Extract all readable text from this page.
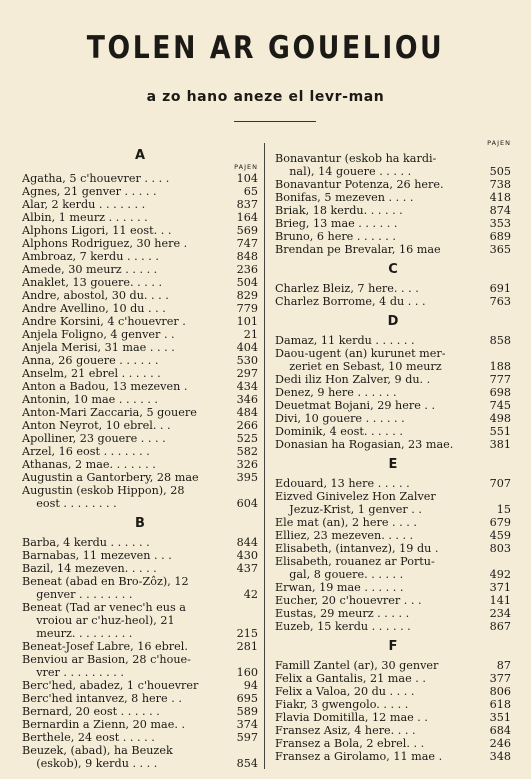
TOLEN AR GOUELIOU
a zo hano aneze el levr-man
PAJEN
A
Agatha, 5 c'houevrer . . . .	104
Agnes, 21 genver . . . . .	65
Alar, 2 kerdu . . . . . . .	837
Albin, 1 meurz . . . . . .	164
Alphons Ligori, 11 eost. . .	569
Alphons Rodriguez, 30 here .	747
Ambroaz, 7 kerdu . . . . .	848
Amede, 30 meurz . . . . .	236
Anaklet, 13 gouere. . . . .	504
Andre, abostol, 30 du. . . .	829
Andre Avellino, 10 du . . .	779
Andre Korsini, 4 c'houevrer .	101
Anjela Foligno, 4 genver . .	21
Anjela Merisi, 31 mae . . . .	404
Anna, 26 gouere . . . . . .	530
Anselm, 21 ebrel . . . . . .	297
Anton a Badou, 13 mezeven .	434
Antonin, 10 mae . . . . . .	346
Anton-Mari Zaccaria, 5 gouere	484
Anton Neyrot, 10 ebrel. . .	266
Apolliner, 23 gouere . . . .	525
Arzel, 16 eost . . . . . . .	582
Athanas, 2 mae. . . . . . .	326
Augustin a Gantorbery, 28 mae	395
Augustin (eskob Hippon), 28
eost . . . . . . . .	604
B
Barba, 4 kerdu . . . . . .	844
Barnabas, 11 mezeven . . .	430
Bazil, 14 mezeven. . . . .	437
Beneat (abad en Bro-Zôz), 12
genver . . . . . . . .	42
Beneat (Tad ar venec'h eus a
vroiou ar c'huz-heol), 21
meurz. . . . . . . . .	215
Beneat-Josef Labre, 16 ebrel.	281
Benviou ar Basion, 28 c'houe-
vrer . . . . . . . . .	160
Berc'hed, abadez, 1 c'houevrer	94
Berc'hed intanvez, 8 here . .	695
Bernard, 20 eost . . . . . .	589
Bernardin a Zienn, 20 mae. .	374
Berthele, 24 eost . . . . .	597
Beuzek, (abad), ha Beuzek
(eskob), 9 kerdu . . . .	854
PAJEN
Bonavantur (eskob ha kardi-
nal), 14 gouere . . . . .	505
Bonavantur Potenza, 26 here.	738
Bonifas, 5 mezeven . . . .	418
Briak, 18 kerdu. . . . . .	874
Brieg, 13 mae . . . . . .	353
Bruno, 6 here . . . . . .	689
Brendan pe Brevalar, 16 mae	365
C
Charlez Bleiz, 7 here. . . .	691
Charlez Borrome, 4 du . . .	763
D
Damaz, 11 kerdu . . . . . .	858
Daou-ugent (an) kurunet mer-
zeriet en Sebast, 10 meurz	188
Dedi iliz Hon Zalver, 9 du. .	777
Denez, 9 here . . . . . .	698
Deuetmat Bojani, 29 here . .	745
Divi, 10 gouere . . . . . .	498
Dominik, 4 eost. . . . . .	551
Donasian ha Rogasian, 23 mae.	381
E
Edouard, 13 here . . . . .	707
Eizved Ginivelez Hon Zalver
Jezuz-Krist, 1 genver . .	15
Ele mat (an), 2 here . . . .	679
Elliez, 23 mezeven. . . . .	459
Elisabeth, (intanvez), 19 du .	803
Elisabeth, rouanez ar Portu-
gal, 8 gouere. . . . . .	492
Erwan, 19 mae . . . . . .	371
Eucher, 20 c'houevrer . . .	141
Eustas, 29 meurz . . . . .	234
Euzeb, 15 kerdu . . . . . .	867
F
Famill Zantel (ar), 30 genver	87
Felix a Gantalis, 21 mae . .	377
Felix a Valoa, 20 du . . . .	806
Fiakr, 3 gwengolo. . . . .	618
Flavia Domitilla, 12 mae . .	351
Fransez Asiz, 4 here. . . .	684
Fransez a Bola, 2 ebrel. . .	246
Fransez a Girolamo, 11 mae .	348
